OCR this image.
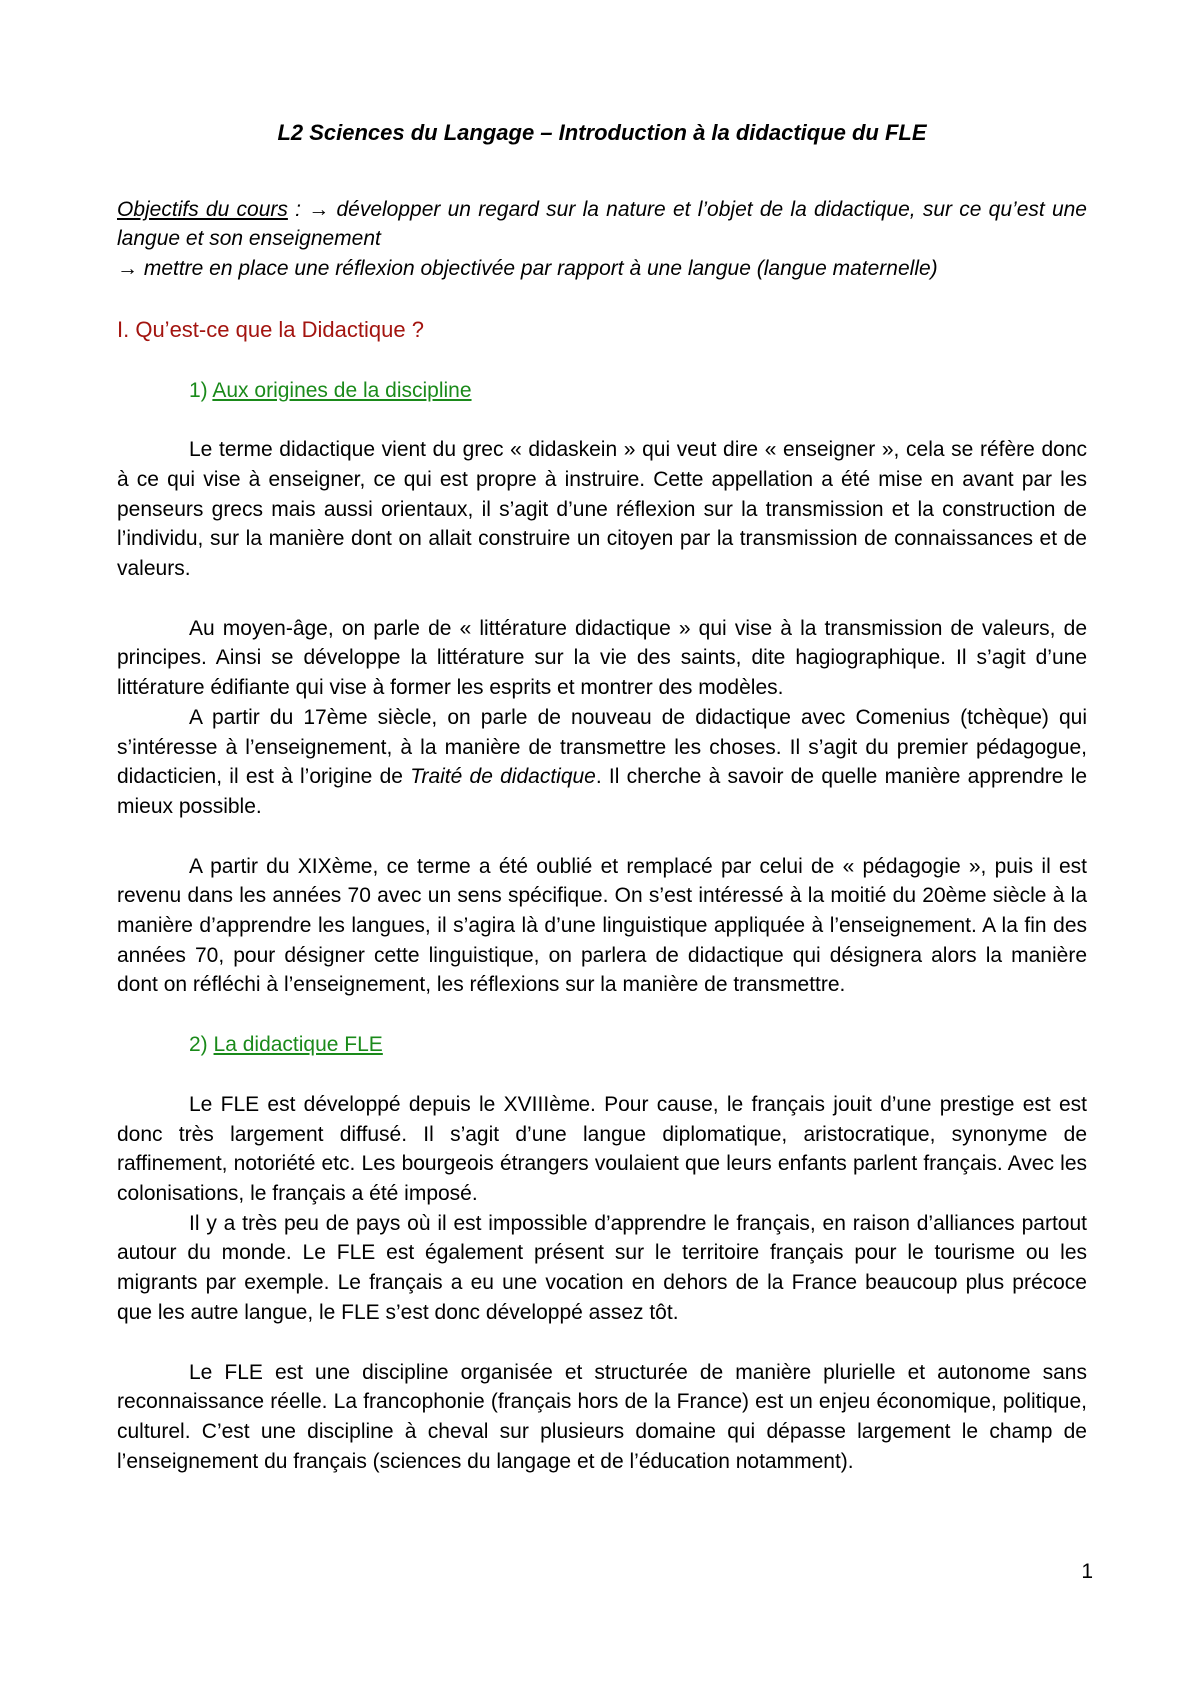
L2 Sciences du Langage – Introduction à la didactique du FLE

Objectifs du cours : → développer un regard sur la nature et l’objet de la didactique, sur ce qu’est une langue et son enseignement

→ mettre en place une réflexion objectivée par rapport à une langue (langue maternelle)

I. Qu’est-ce que la Didactique ?
1) Aux origines de la discipline

Le terme didactique vient du grec « didaskein » qui veut dire « enseigner », cela se réfère donc à ce qui vise à enseigner, ce qui est propre à instruire. Cette appellation a été mise en avant par les penseurs grecs mais aussi orientaux, il s’agit d’une réflexion sur la transmission et la construction de l’individu, sur la manière dont on allait construire un citoyen par la transmission de connaissances et de valeurs.

Au moyen-âge, on parle de « littérature didactique » qui vise à la transmission de valeurs, de principes. Ainsi se développe la littérature sur la vie des saints, dite hagiographique. Il s’agit d’une littérature édifiante qui vise à former les esprits et montrer des modèles.

A partir du 17ème siècle, on parle de nouveau de didactique avec Comenius (tchèque) qui s’intéresse à l’enseignement, à la manière de transmettre les choses. Il s’agit du premier pédagogue, didacticien, il est à l’origine de Traité de didactique. Il cherche à savoir de quelle manière apprendre le mieux possible.

A partir du XIXème, ce terme a été oublié et remplacé par celui de « pédagogie », puis il est revenu dans les années 70 avec un sens spécifique. On s’est intéressé à la moitié du 20ème siècle à la manière d’apprendre les langues, il s’agira là d’une linguistique appliquée à l’enseignement. A la fin des années 70, pour désigner cette linguistique, on parlera de didactique qui désignera alors la manière dont on réfléchi à l’enseignement, les réflexions sur la manière de transmettre.

2) La didactique FLE

Le FLE est développé depuis le XVIIIème. Pour cause, le français jouit d’une prestige est est donc très largement diffusé. Il s’agit d’une langue diplomatique, aristocratique, synonyme de raffinement, notoriété etc. Les bourgeois étrangers voulaient que leurs enfants parlent français. Avec les colonisations, le français a été imposé.

Il y a très peu de pays où il est impossible d’apprendre le français, en raison d’alliances partout autour du monde. Le FLE est également présent sur le territoire français pour le tourisme ou les migrants par exemple. Le français a eu une vocation en dehors de la France beaucoup plus précoce que les autre langue, le FLE s’est donc développé assez tôt.

Le FLE est une discipline organisée et structurée de manière plurielle et autonome sans reconnaissance réelle. La francophonie (français hors de la France) est un enjeu économique, politique, culturel. C’est une discipline à cheval sur plusieurs domaine qui dépasse largement le champ de l’enseignement du français (sciences du langage et de l’éducation notamment).

1
